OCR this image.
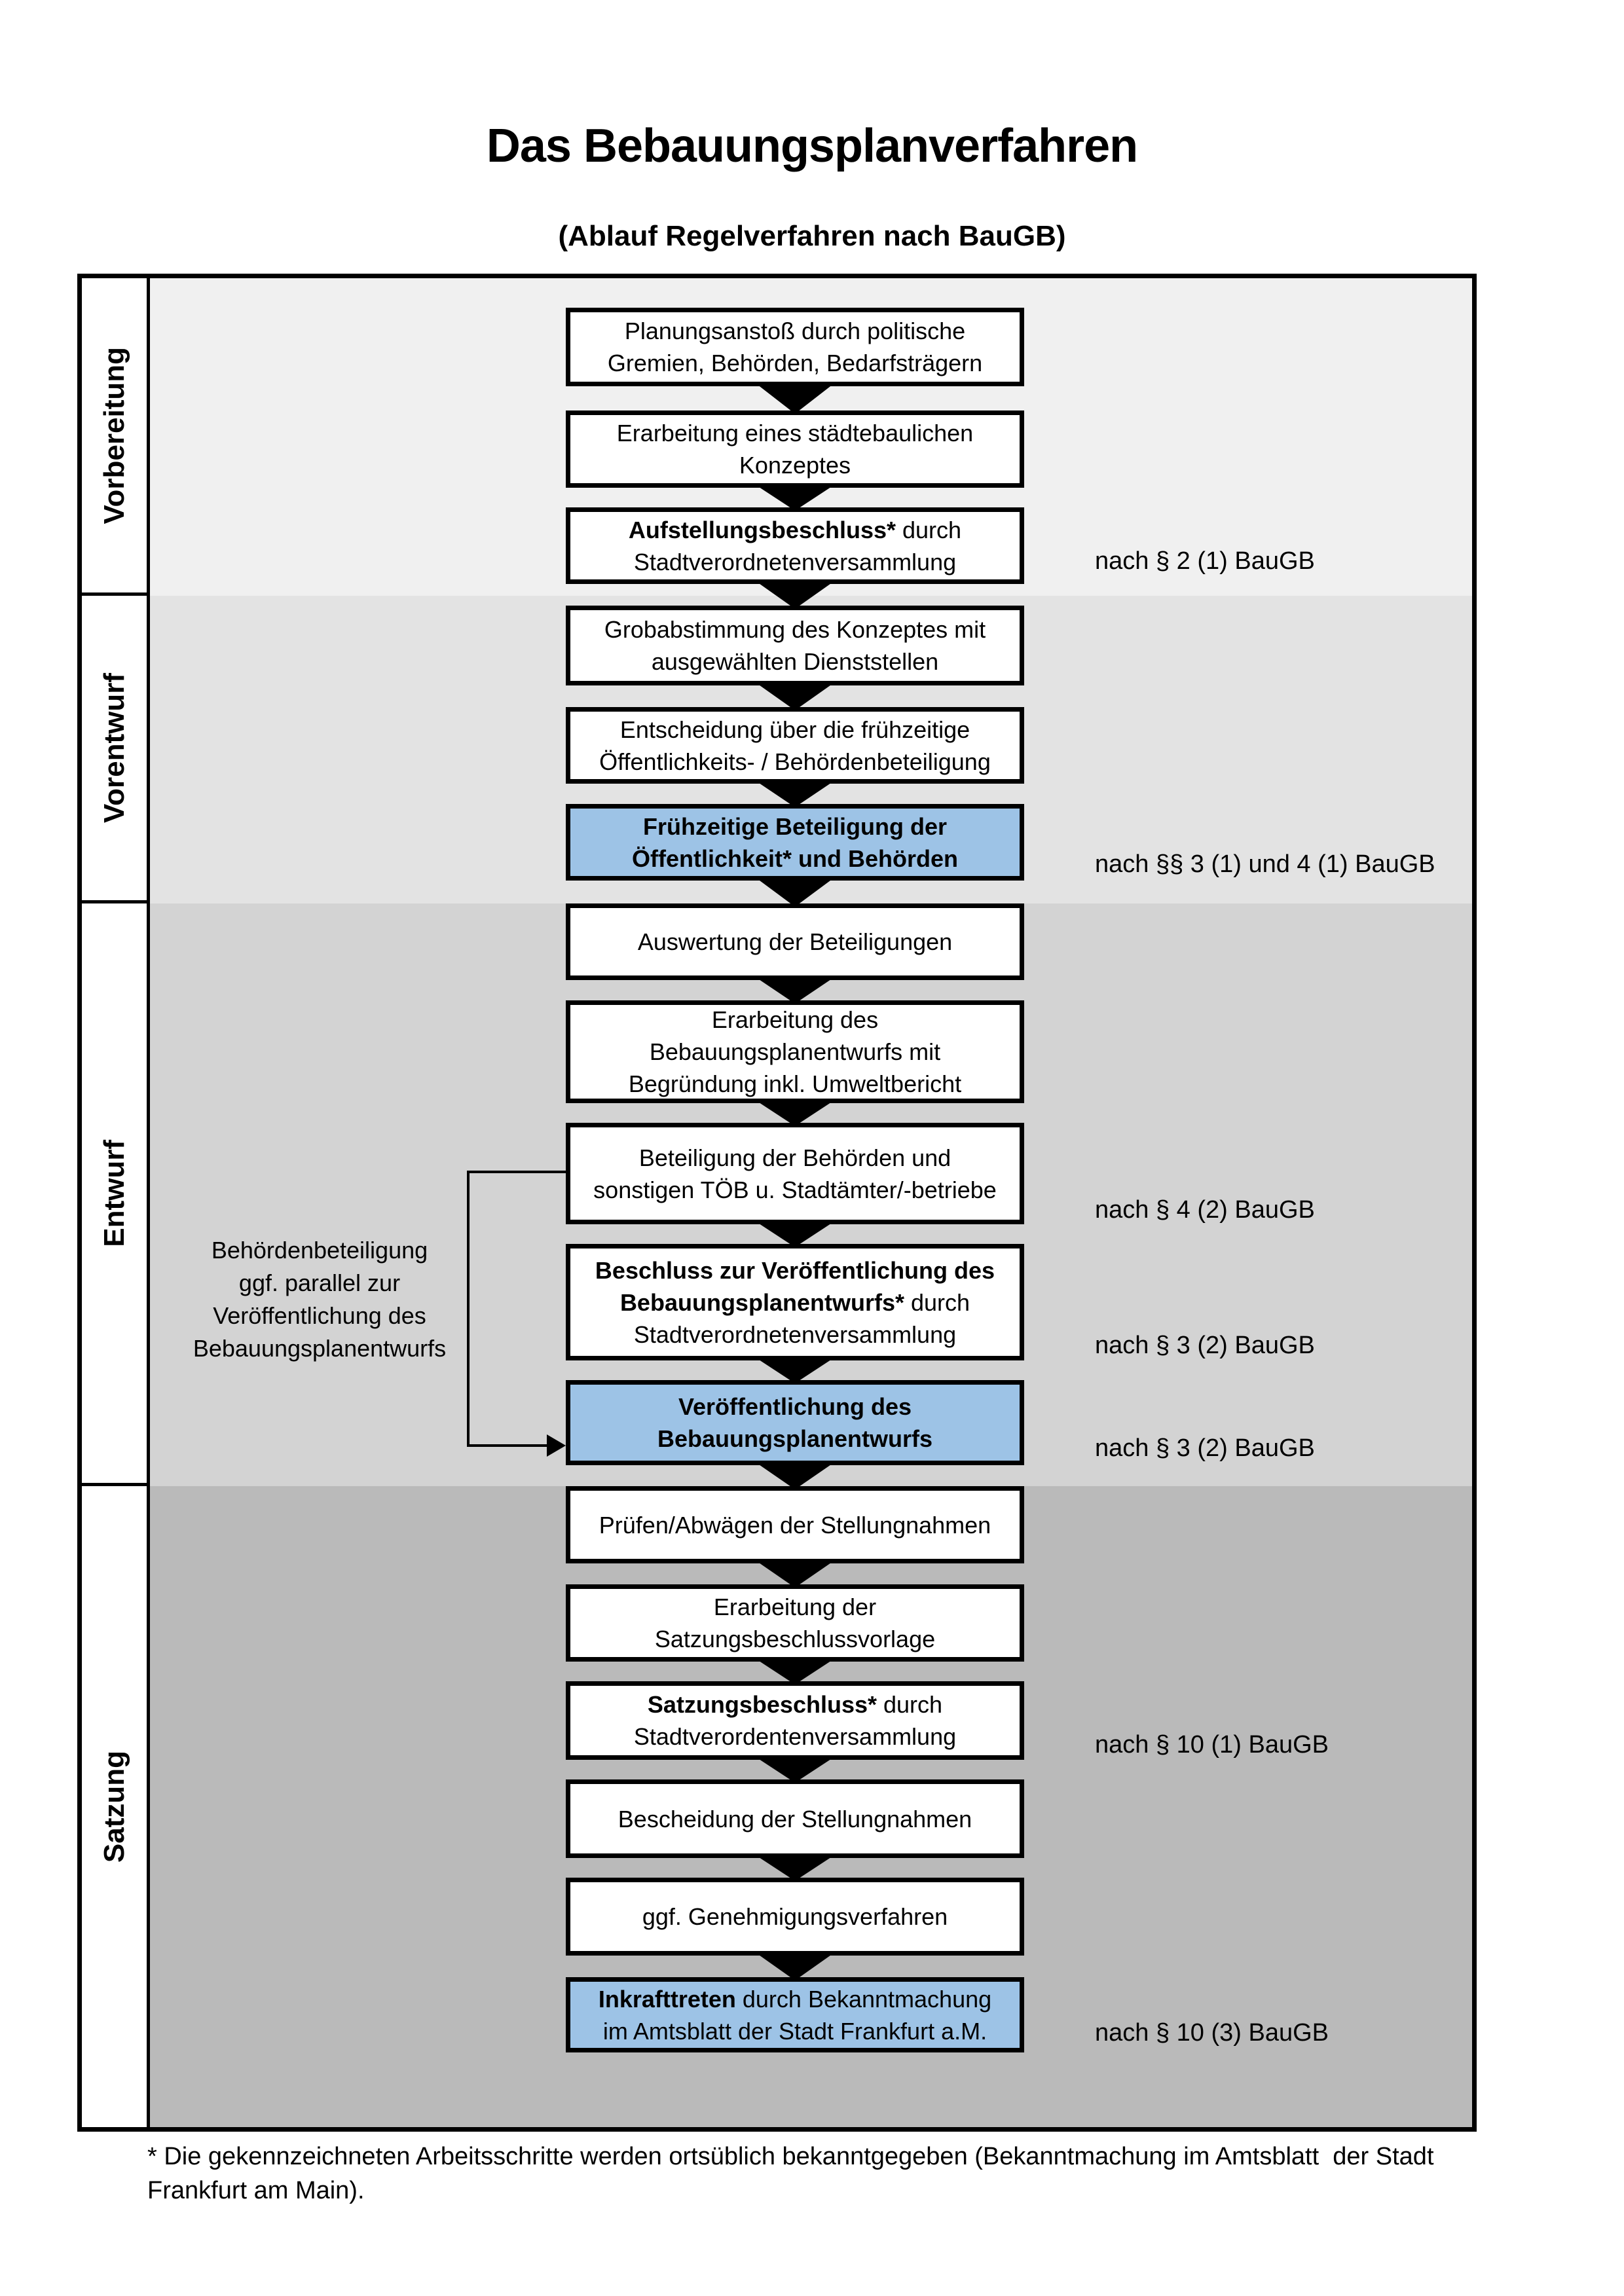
Das Bebauungsplanverfahren
(Ablauf Regelverfahren nach BauGB)
Vorbereitung
Vorentwurf
Entwurf
Satzung
Planungsanstoß durch politische
Gremien, Behörden, Bedarfsträgern
Erarbeitung eines städtebaulichen
Konzeptes
Aufstellungsbeschluss* durch
Stadtverordnetenversammlung
Grobabstimmung des Konzeptes mit
ausgewählten Dienststellen
Entscheidung über die frühzeitige
Öffentlichkeits- / Behördenbeteiligung
Frühzeitige Beteiligung der
Öffentlichkeit* und Behörden
Auswertung der Beteiligungen
Erarbeitung des
Bebauungsplanentwurfs mit
Begründung inkl. Umweltbericht
Beteiligung der Behörden und
sonstigen TÖB u. Stadtämter/-betriebe
Beschluss zur Veröffentlichung des
Bebauungsplanentwurfs* durch
Stadtverordnetenversammlung
Veröffentlichung des
Bebauungsplanentwurfs
Prüfen/Abwägen der Stellungnahmen
Erarbeitung der
Satzungsbeschlussvorlage
Satzungsbeschluss* durch
Stadtverordentenversammlung
Bescheidung der Stellungnahmen
ggf. Genehmigungsverfahren
Inkrafttreten durch Bekanntmachung
im Amtsblatt der Stadt Frankfurt a.M.
nach § 2 (1) BauGB
nach §§ 3 (1) und 4 (1) BauGB
nach § 4 (2) BauGB
nach § 3 (2) BauGB
nach § 3 (2) BauGB
nach § 10 (1) BauGB
nach § 10 (3) BauGB
Behördenbeteiligung
ggf. parallel zur
Veröffentlichung des
Bebauungsplanentwurfs
* Die gekennzeichneten Arbeitsschritte werden ortsüblich bekanntgegeben (Bekanntmachung im Amtsblatt  der Stadt
Frankfurt am Main).
